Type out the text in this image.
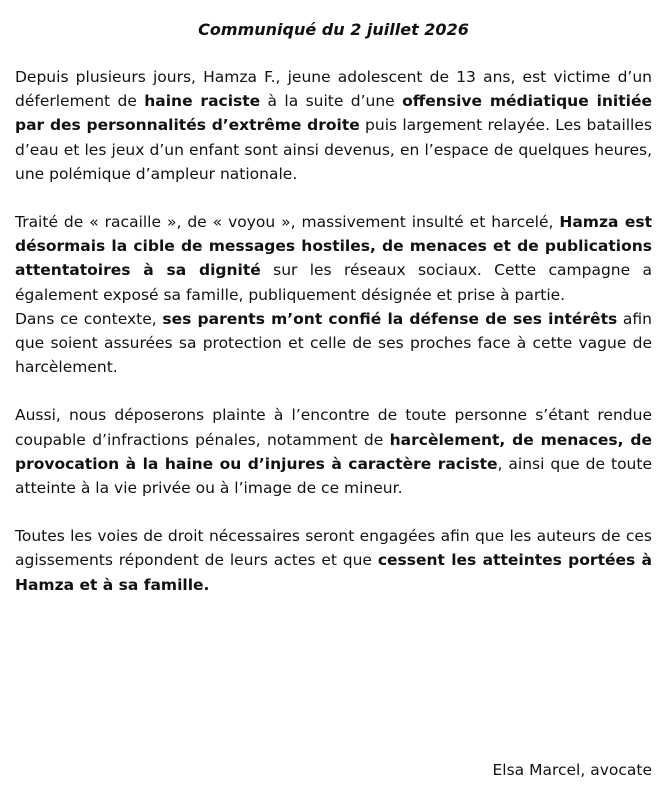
Communiqué du 2 juillet 2026

Depuis plusieurs jours, Hamza F., jeune adolescent de 13 ans, est victime d’un déferlement de haine raciste à la suite d’une offensive médiatique initiée par des personnalités d’extrême droite puis largement relayée. Les batailles d’eau et les jeux d’un enfant sont ainsi devenus, en l’espace de quelques heures, une polémique d’ampleur nationale.

Traité de « racaille », de « voyou », massivement insulté et harcelé, Hamza est désormais la cible de messages hostiles, de menaces et de publications attentatoires à sa dignité sur les réseaux sociaux. Cette campagne a également exposé sa famille, publiquement désignée et prise à partie.

Dans ce contexte, ses parents m’ont confié la défense de ses intérêts afin que soient assurées sa protection et celle de ses proches face à cette vague de harcèlement.

Aussi, nous déposerons plainte à l’encontre de toute personne s’étant rendue coupable d’infractions pénales, notamment de harcèlement, de menaces, de provocation à la haine ou d’injures à caractère raciste, ainsi que de toute atteinte à la vie privée ou à l’image de ce mineur.

Toutes les voies de droit nécessaires seront engagées afin que les auteurs de ces agissements répondent de leurs actes et que cessent les atteintes portées à Hamza et à sa famille.

Elsa Marcel, avocate
